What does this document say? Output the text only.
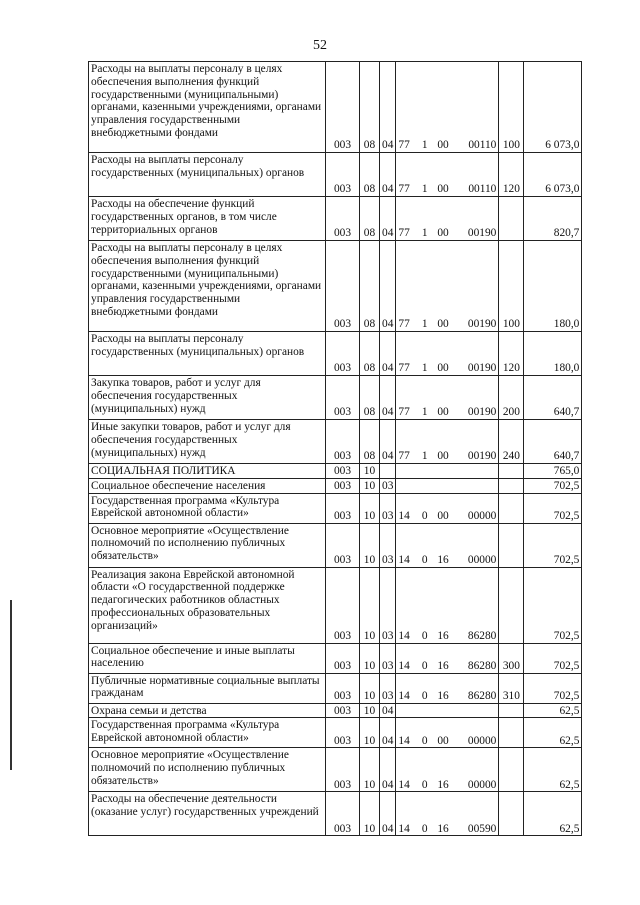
52
Расходы на выплаты персоналу в целях обеспечения выполнения функций государственными (муниципальными) органами, казенными учреждениями, органами управления государственными внебюджетными фондами	003	08	04	77 1 00 00110	100	6 073,0
Расходы на выплаты персоналу государственных (муниципальных) органов	003	08	04	77 1 00 00110	120	6 073,0
Расходы на обеспечение функций государственных органов, в том числе территориальных органов	003	08	04	77 1 00 00190		820,7
Расходы на выплаты персоналу в целях обеспечения выполнения функций государственными (муниципальными) органами, казенными учреждениями, органами управления государственными внебюджетными фондами	003	08	04	77 1 00 00190	100	180,0
Расходы на выплаты персоналу государственных (муниципальных) органов	003	08	04	77 1 00 00190	120	180,0
Закупка товаров, работ и услуг для обеспечения государственных (муниципальных) нужд	003	08	04	77 1 00 00190	200	640,7
Иные закупки товаров, работ и услуг для обеспечения государственных (муниципальных) нужд	003	08	04	77 1 00 00190	240	640,7
СОЦИАЛЬНАЯ ПОЛИТИКА	003	10				765,0
Социальное обеспечение населения	003	10	03			702,5
Государственная программа «Культура Еврейской автономной области»	003	10	03	14 0 00 00000		702,5
Основное мероприятие «Осуществление полномочий по исполнению публичных обязательств»	003	10	03	14 0 16 00000		702,5
Реализация закона Еврейской автономной области «О государственной поддержке педагогических работников областных профессиональных образовательных организаций»	003	10	03	14 0 16 86280		702,5
Социальное обеспечение и иные выплаты населению	003	10	03	14 0 16 86280	300	702,5
Публичные нормативные социальные выплаты гражданам	003	10	03	14 0 16 86280	310	702,5
Охрана семьи и детства	003	10	04			62,5
Государственная программа «Культура Еврейской автономной области»	003	10	04	14 0 00 00000		62,5
Основное мероприятие «Осуществление полномочий по исполнению публичных обязательств»	003	10	04	14 0 16 00000		62,5
Расходы на обеспечение деятельности (оказание услуг) государственных учреждений	003	10	04	14 0 16 00590		62,5
